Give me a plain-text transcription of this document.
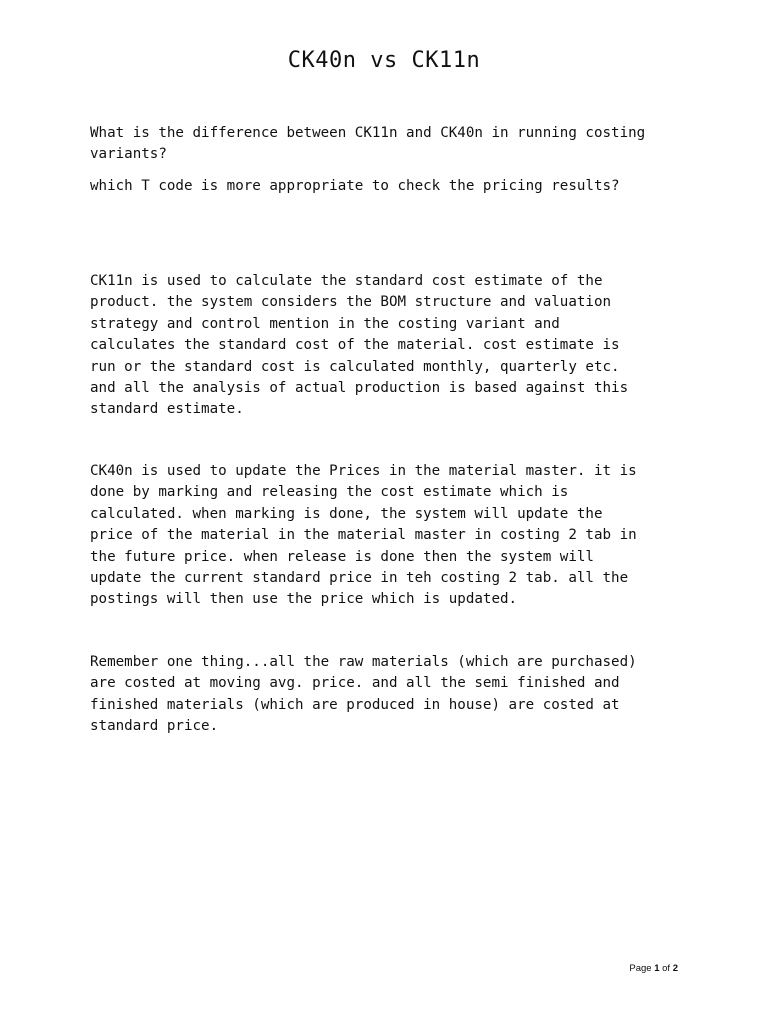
CK40n vs CK11n

What is the difference between CK11n and CK40n in running costing
variants?

which T code is more appropriate to check the pricing results?

CK11n is used to calculate the standard cost estimate of the
product. the system considers the BOM structure and valuation
strategy and control mention in the costing variant and
calculates the standard cost of the material. cost estimate is
run or the standard cost is calculated monthly, quarterly etc.
and all the analysis of actual production is based against this
standard estimate.

CK40n is used to update the Prices in the material master. it is
done by marking and releasing the cost estimate which is
calculated. when marking is done, the system will update the
price of the material in the material master in costing 2 tab in
the future price. when release is done then the system will
update the current standard price in teh costing 2 tab. all the
postings will then use the price which is updated.

Remember one thing...all the raw materials (which are purchased)
are costed at moving avg. price. and all the semi finished and
finished materials (which are produced in house) are costed at
standard price.

Page 1 of 2
